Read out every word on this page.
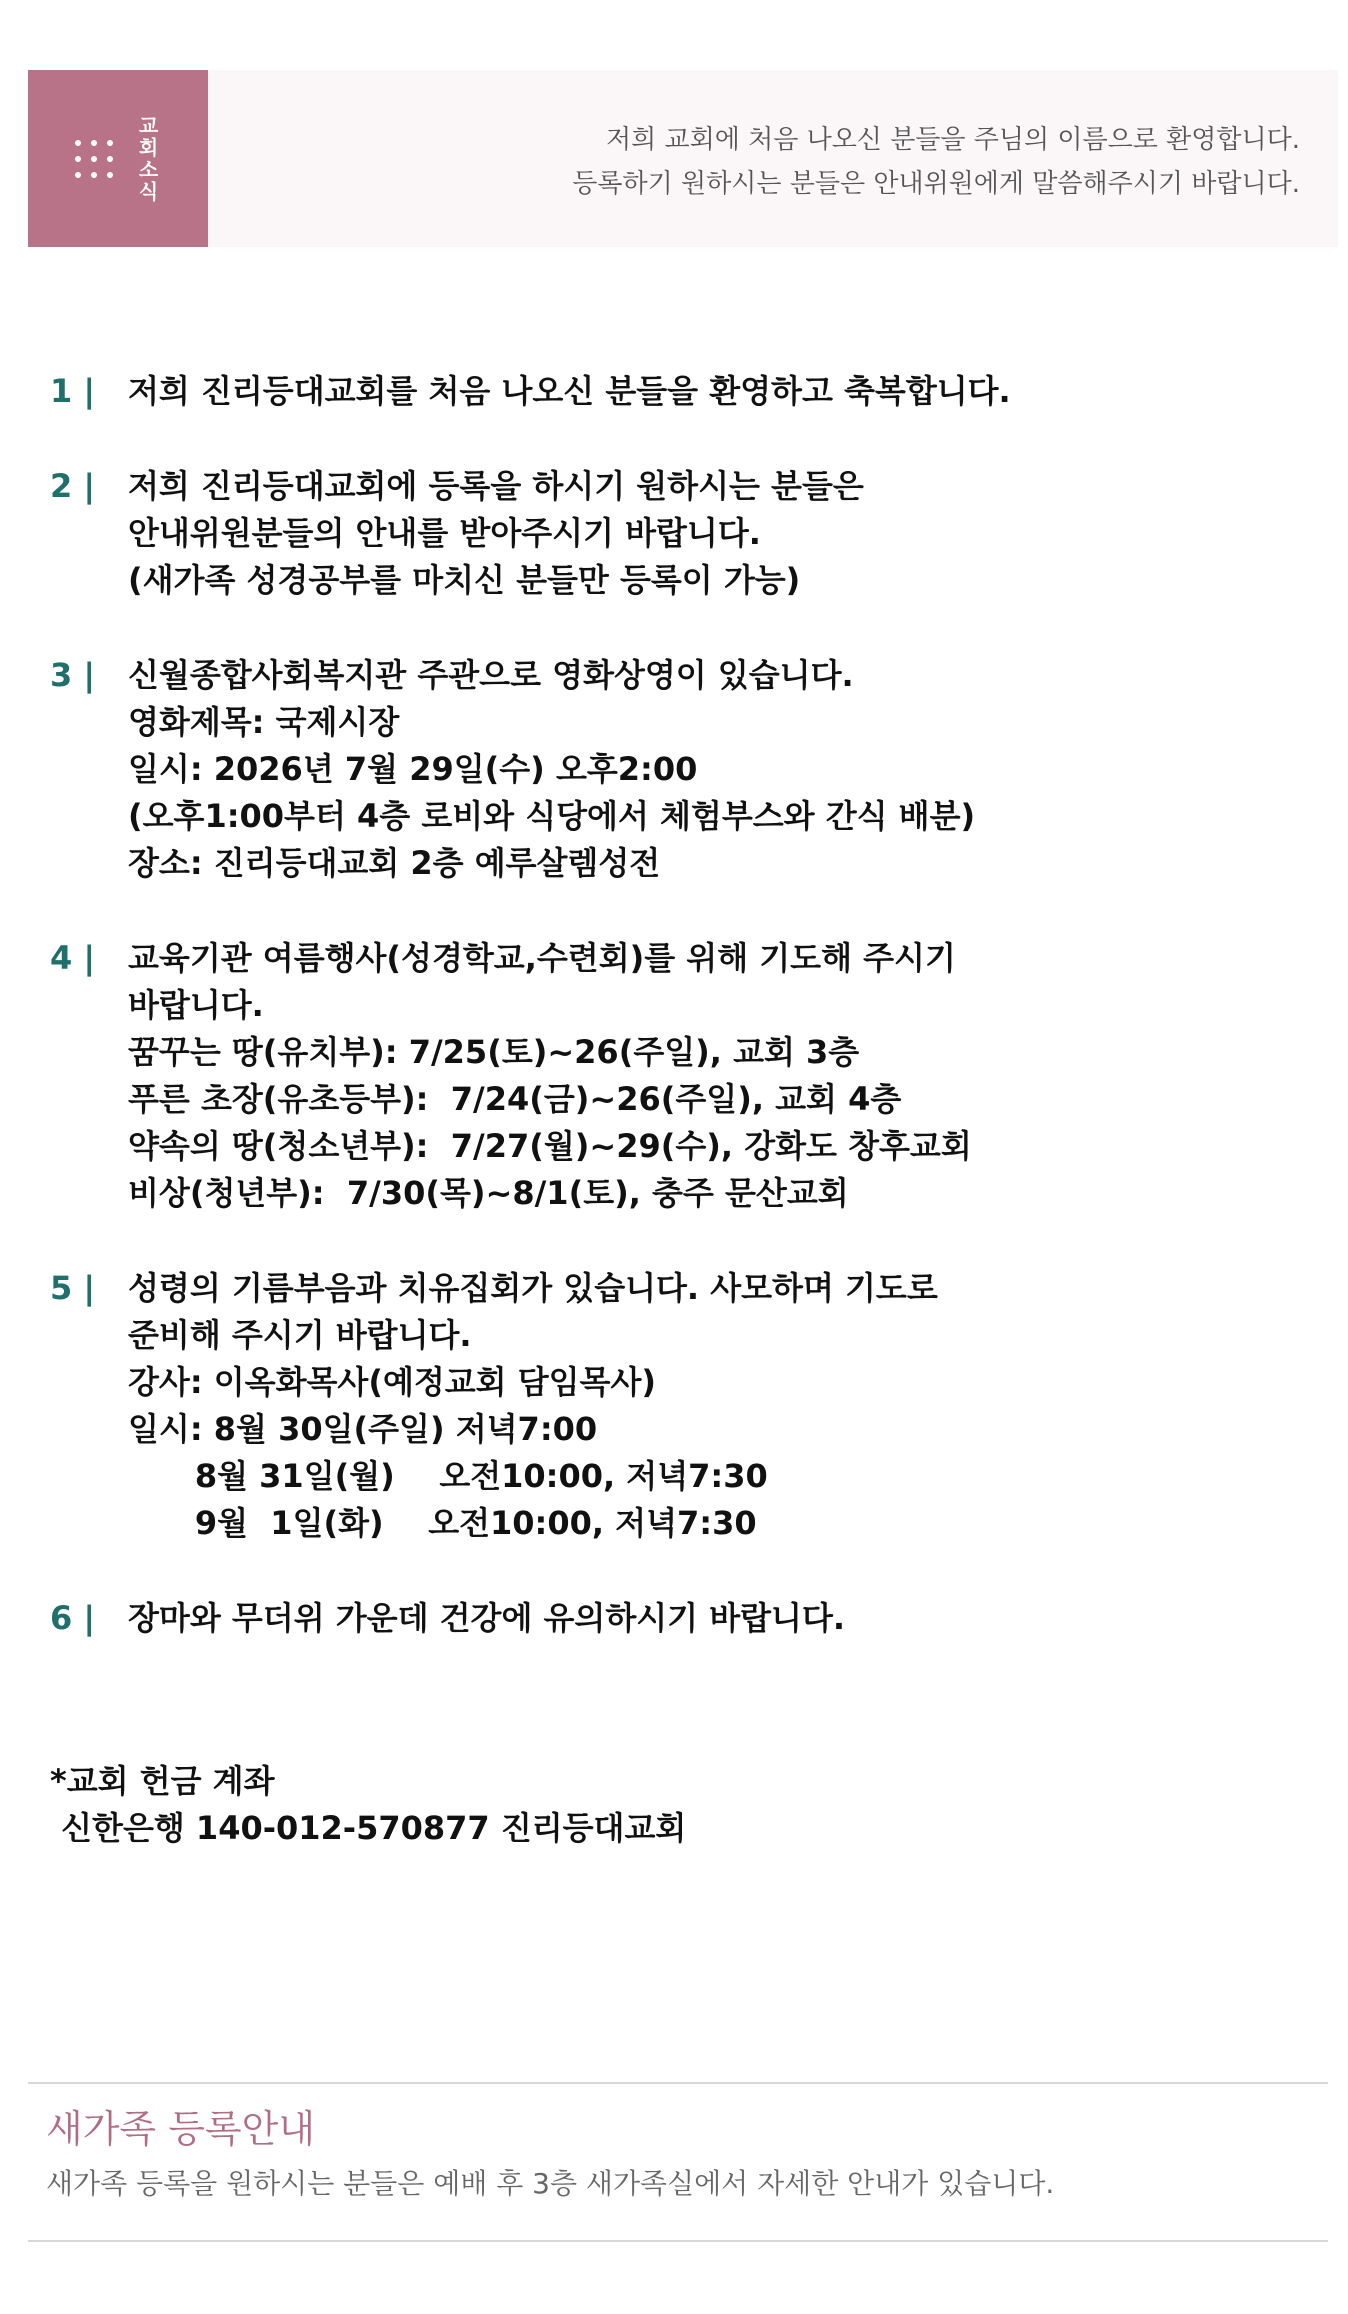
교회소식	저희 교회에 처음 나오신 분들을 주님의 이름으로 환영합니다.
등록하기 원하시는 분들은 안내위원에게 말씀해주시기 바랍니다.
1 |	저희 진리등대교회를 처음 나오신 분들을 환영하고 축복합니다.
2 |	저희 진리등대교회에 등록을 하시기 원하시는 분들은
안내위원분들의 안내를 받아주시기 바랍니다.
(새가족 성경공부를 마치신 분들만 등록이 가능)
3 |	신월종합사회복지관 주관으로 영화상영이 있습니다.
영화제목: 국제시장
일시: 2026년 7월 29일(수) 오후2:00
(오후1:00부터 4층 로비와 식당에서 체험부스와 간식 배분)
장소: 진리등대교회 2층 예루살렘성전
4 |	교육기관 여름행사(성경학교,수련회)를 위해 기도해 주시기
바랍니다.
꿈꾸는 땅(유치부): 7/25(토)~26(주일), 교회 3층
푸른 초장(유초등부):  7/24(금)~26(주일), 교회 4층
약속의 땅(청소년부):  7/27(월)~29(수), 강화도 창후교회
비상(청년부):  7/30(목)~8/1(토), 충주 문산교회
5 |	성령의 기름부음과 치유집회가 있습니다. 사모하며 기도로
준비해 주시기 바랍니다.
강사: 이옥화목사(예정교회 담임목사)
일시: 8월 30일(주일) 저녁7:00
8월 31일(월)    오전10:00, 저녁7:30
9월  1일(화)    오전10:00, 저녁7:30
6 |	장마와 무더위 가운데 건강에 유의하시기 바랍니다.
*교회 헌금 계좌
신한은행 140-012-570877 진리등대교회
새가족 등록안내
새가족 등록을 원하시는 분들은 예배 후 3층 새가족실에서 자세한 안내가 있습니다.
